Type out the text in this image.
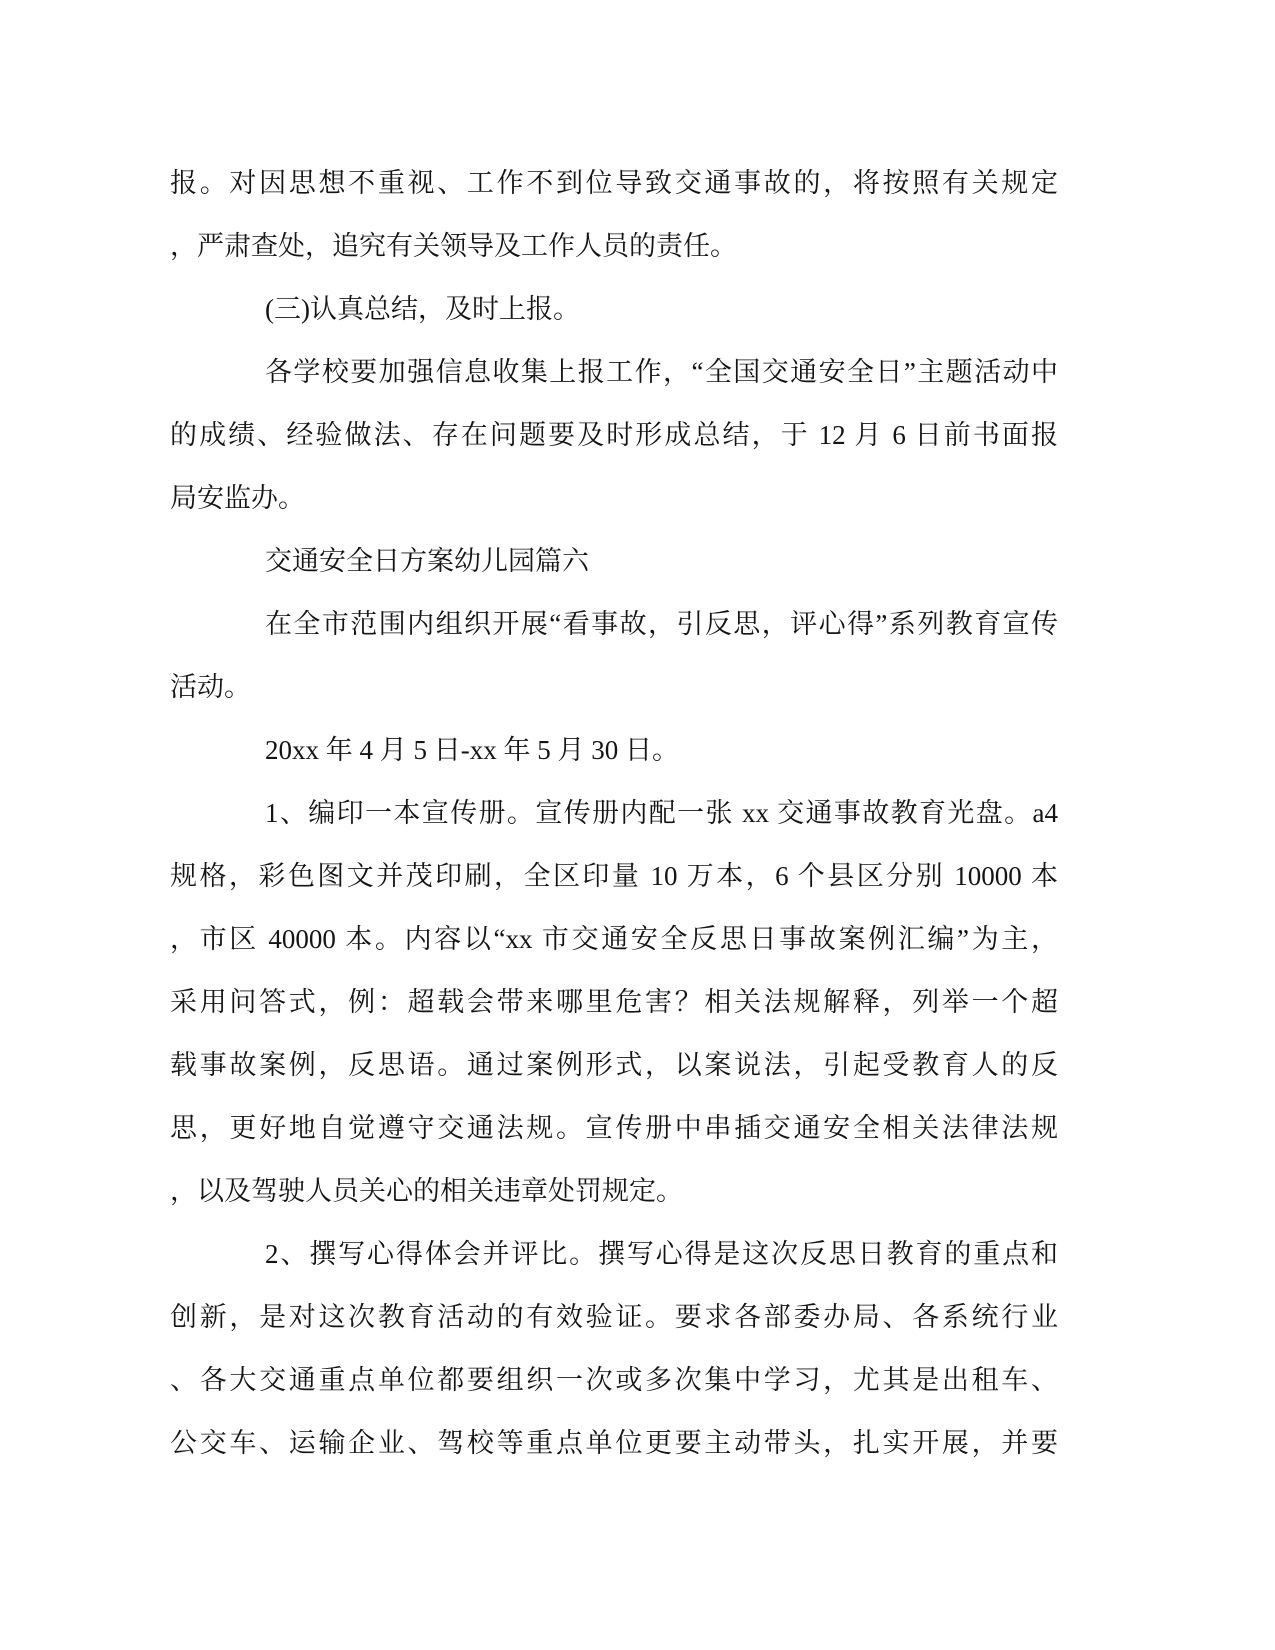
报。对因思想不重视、工作不到位导致交通事故的，将按照有关规定
，严肃查处，追究有关领导及工作人员的责任。
(三)认真总结，及时上报。
各学校要加强信息收集上报工作，“全国交通安全日”主题活动中
的成绩、经验做法、存在问题要及时形成总结，于 12 月 6 日前书面报
局安监办。
交通安全日方案幼儿园篇六
在全市范围内组织开展“看事故，引反思，评心得”系列教育宣传
活动。
20xx 年 4 月 5 日-xx 年 5 月 30 日。
1、编印一本宣传册。宣传册内配一张 xx 交通事故教育光盘。a4
规格，彩色图文并茂印刷，全区印量 10 万本，6 个县区分别 10000 本
，市区 40000 本。内容以“xx 市交通安全反思日事故案例汇编”为主，
采用问答式，例：超载会带来哪里危害？相关法规解释，列举一个超
载事故案例，反思语。通过案例形式，以案说法，引起受教育人的反
思，更好地自觉遵守交通法规。宣传册中串插交通安全相关法律法规
，以及驾驶人员关心的相关违章处罚规定。
2、撰写心得体会并评比。撰写心得是这次反思日教育的重点和
创新，是对这次教育活动的有效验证。要求各部委办局、各系统行业
、各大交通重点单位都要组织一次或多次集中学习，尤其是出租车、
公交车、运输企业、驾校等重点单位更要主动带头，扎实开展，并要
